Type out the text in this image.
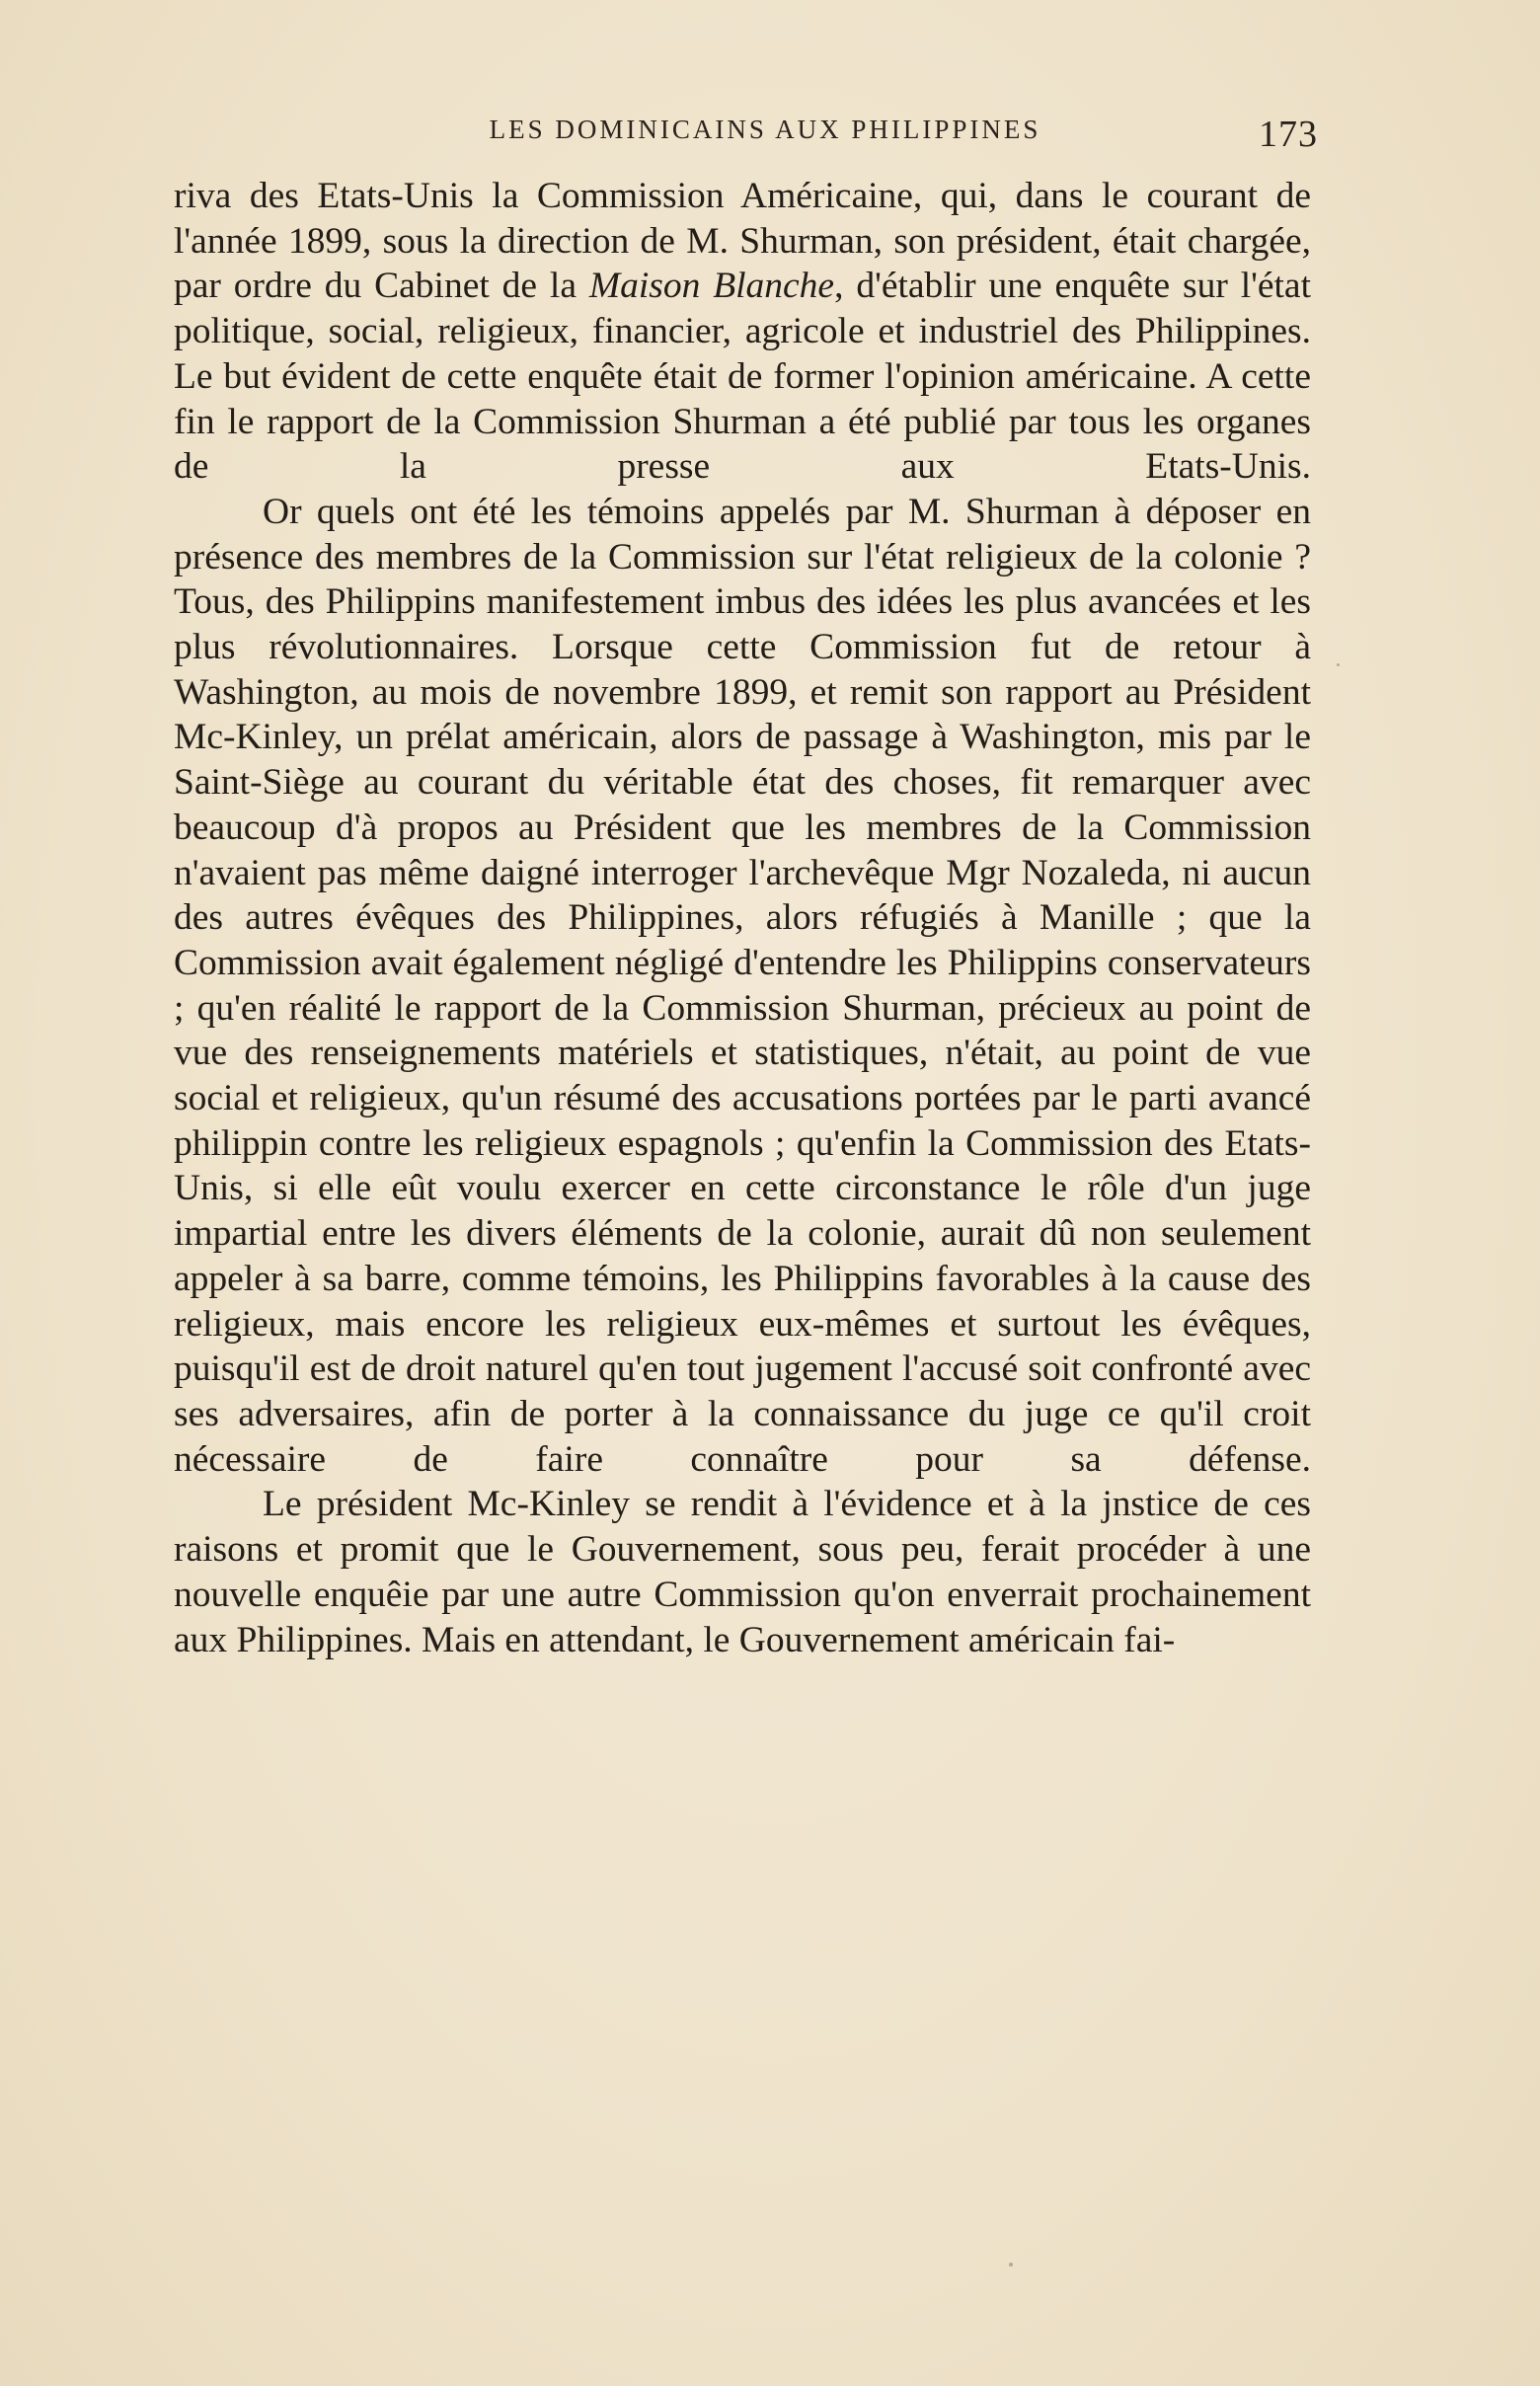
LES DOMINICAINS AUX PHILIPPINES	173

riva des Etats-Unis la Commission Américaine, qui, dans le courant de l'année 1899, sous la direction de M. Shurman, son président, était chargée, par ordre du Cabinet de la Maison Blanche, d'établir une enquête sur l'état politique, social, religieux, financier, agricole et industriel des Philippines. Le but évident de cette enquête était de former l'opinion américaine. A cette fin le rapport de la Commission Shurman a été publié par tous les organes de la presse aux Etats-Unis.

Or quels ont été les témoins appelés par M. Shurman à déposer en présence des membres de la Commission sur l'état religieux de la colonie ? Tous, des Philippins manifestement imbus des idées les plus avancées et les plus révolutionnaires. Lorsque cette Commission fut de retour à Washington, au mois de novembre 1899, et remit son rapport au Président Mc-Kinley, un prélat américain, alors de passage à Washington, mis par le Saint-Siège au courant du véritable état des choses, fit remarquer avec beaucoup d'à propos au Président que les membres de la Commission n'avaient pas même daigné interroger l'archevêque Mgr Nozaleda, ni aucun des autres évêques des Philippines, alors réfugiés à Manille ; que la Commission avait également négligé d'entendre les Philippins conservateurs ; qu'en réalité le rapport de la Commission Shurman, précieux au point de vue des renseignements matériels et statistiques, n'était, au point de vue social et religieux, qu'un résumé des accusations portées par le parti avancé philippin contre les religieux espagnols ; qu'enfin la Commission des Etats-Unis, si elle eût voulu exercer en cette circonstance le rôle d'un juge impartial entre les divers éléments de la colonie, aurait dû non seulement appeler à sa barre, comme témoins, les Philippins favorables à la cause des religieux, mais encore les religieux eux-mêmes et surtout les évêques, puisqu'il est de droit naturel qu'en tout jugement l'accusé soit confronté avec ses adversaires, afin de porter à la connaissance du juge ce qu'il croit nécessaire de faire connaître pour sa défense.

Le président Mc-Kinley se rendit à l'évidence et à la jnstice de ces raisons et promit que le Gouvernement, sous peu, ferait procéder à une nouvelle enquêie par une autre Commission qu'on enverrait prochainement aux Philippines. Mais en attendant, le Gouvernement américain fai-
